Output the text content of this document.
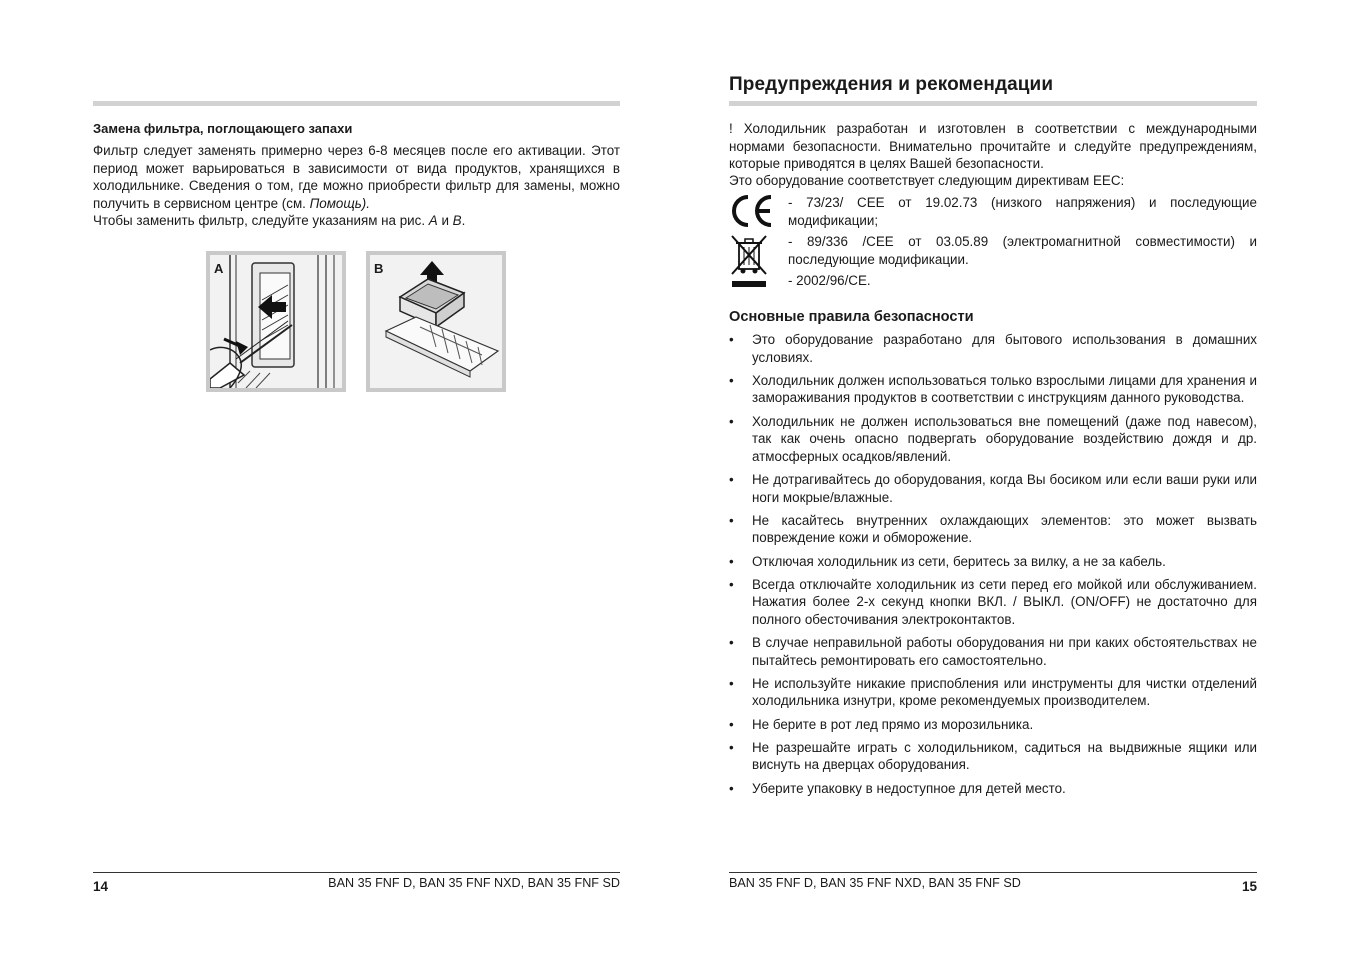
Замена фильтра, поглощающего запахи

Фильтр следует заменять примерно через 6-8 месяцев после его активации. Этот период может варьироваться в зависимости от вида продуктов, хранящихся в холодильнике. Сведения о том, где можно приобрести фильтр для замены, можно получить в сервисном центре (см. Помощь).

Чтобы заменить фильтр, следуйте указаниям на рис. A и B.

A	B
14	BAN 35 FNF D, BAN 35 FNF NXD, BAN 35 FNF SD
Предупреждения и рекомендации

! Холодильник разработан и изготовлен в соответствии с международными нормами безопасности. Внимательно прочитайте и следуйте предупреждениям, которые приводятся в целях Вашей безопасности.

Это оборудование соответствует следующим директивам ЕЕС:

- 73/23/ CEE от 19.02.73 (низкого напряжения) и последующие модификации;

- 89/336 /CEE от 03.05.89 (электромагнитной совместимости) и последующие модификации.

- 2002/96/CE.

Основные правила безопасности
• Это оборудование разработано для бытового использования в домашних условиях.
• Холодильник должен использоваться только взрослыми лицами для хранения и замораживания продуктов в соответствии с инструкциям данного руководства.
• Холодильник не должен использоваться вне помещений (даже под навесом), так как очень опасно подвергать оборудование воздействию дождя и др. атмосферных осадков/явлений.
• Не дотрагивайтесь до оборудования, когда Вы босиком или если ваши руки или ноги мокрые/влажные.
• Не касайтесь внутренних охлаждающих элементов: это может вызвать повреждение кожи и обморожение.
• Отключая холодильник из сети, беритесь за вилку, а не за кабель.
• Всегда отключайте холодильник из сети перед его мойкой или обслуживанием. Нажатия более 2-х секунд кнопки ВКЛ. / ВЫКЛ. (ON/OFF) не достаточно для полного обесточивания электроконтактов.
• В случае неправильной работы оборудования ни при каких обстоятельствах не пытайтесь ремонтировать его самостоятельно.
• Не используйте никакие приспобления или инструменты для чистки отделений холодильника изнутри, кроме рекомендуемых производителем.
• Не берите в рот лед прямо из морозильника.
• Не разрешайте играть с холодильником, садиться на выдвижные ящики или виснуть на дверцах оборудования.
• Уберите упаковку в недоступное для детей место.
BAN 35 FNF D, BAN 35 FNF NXD, BAN 35 FNF SD	15
